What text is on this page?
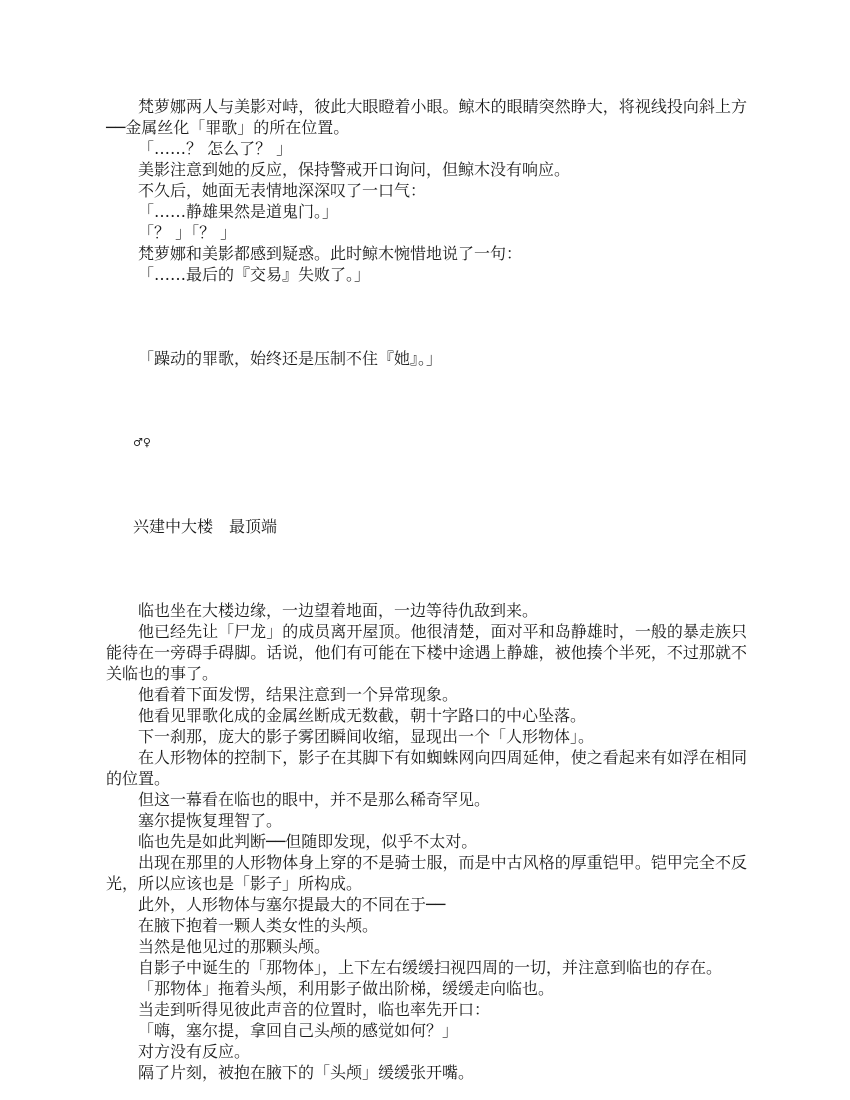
梵萝娜两人与美影对峙，彼此大眼瞪着小眼。鲸木的眼睛突然睁大，将视线投向斜上方──金属丝化「罪歌」的所在位置。

「……？ 怎么了？ 」

美影注意到她的反应，保持警戒开口询问，但鲸木没有响应。

不久后，她面无表情地深深叹了一口气：

「……静雄果然是道鬼门。」

「？ 」「？ 」

梵萝娜和美影都感到疑惑。此时鲸木惋惜地说了一句：

「……最后的『交易』失败了。」

「躁动的罪歌，始终还是压制不住『她』。」

♂♀

兴建中大楼　最顶端

临也坐在大楼边缘，一边望着地面，一边等待仇敌到来。

他已经先让「尸龙」的成员离开屋顶。他很清楚，面对平和岛静雄时，一般的暴走族只能待在一旁碍手碍脚。话说，他们有可能在下楼中途遇上静雄，被他揍个半死，不过那就不关临也的事了。

他看着下面发愣，结果注意到一个异常现象。

他看见罪歌化成的金属丝断成无数截，朝十字路口的中心坠落。

下一刹那，庞大的影子雾团瞬间收缩，显现出一个「人形物体」。

在人形物体的控制下，影子在其脚下有如蜘蛛网向四周延伸，使之看起来有如浮在相同的位置。

但这一幕看在临也的眼中，并不是那么稀奇罕见。

塞尔提恢复理智了。

临也先是如此判断──但随即发现，似乎不太对。

出现在那里的人形物体身上穿的不是骑士服，而是中古风格的厚重铠甲。铠甲完全不反光，所以应该也是「影子」所构成。

此外，人形物体与塞尔提最大的不同在于──

在腋下抱着一颗人类女性的头颅。

当然是他见过的那颗头颅。

自影子中诞生的「那物体」，上下左右缓缓扫视四周的一切，并注意到临也的存在。

「那物体」拖着头颅，利用影子做出阶梯，缓缓走向临也。

当走到听得见彼此声音的位置时，临也率先开口：

「嗨，塞尔提，拿回自己头颅的感觉如何？」

对方没有反应。

隔了片刻，被抱在腋下的「头颅」缓缓张开嘴。
